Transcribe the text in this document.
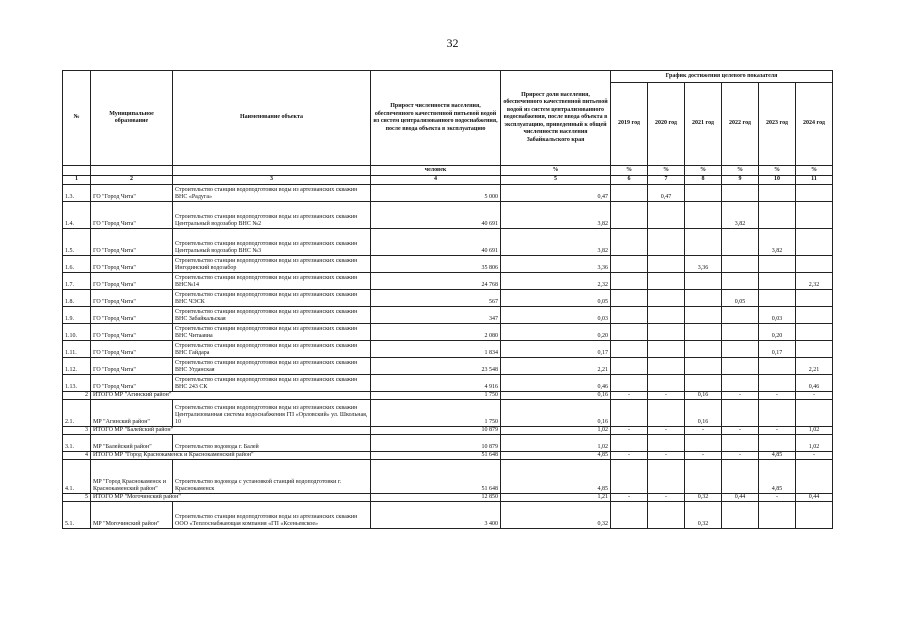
32
№	Муниципальное образование	Наименование объекта	Прирост численности населения, обеспеченного качественной питьевой водой из систем централизованного водоснабжения, после ввода объекта в эксплуатацию	Прирост доли населения, обеспеченного качественной питьевой водой из систем централизованного водоснабжения, после ввода объекта в эксплуатацию, приведенный к общей численности населения Забайкальского края	График достижения целевого показателя					
					2019 год	2020 год	2021 год	2022 год	2023 год	2024 год
			человек	%	%	%	%	%	%	%
1	2	3	4	5	6	7	8	9	10	11
1.3.	ГО "Город Чита"	Строительство станции водоподготовки воды из артезианских скважин ВНС «Радуга»	5 000	0,47		0,47				
1.4.	ГО "Город Чита"	Строительство станции водоподготовки воды из артезианских скважин Центральный водозабор ВНС №2	40 691	3,82				3,82		
1.5.	ГО "Город Чита"	Строительство станции водоподготовки воды из артезианских скважин Центральный водозабор ВНС №3	40 691	3,82					3,82	
1.6.	ГО "Город Чита"	Строительство станции водоподготовки воды из артезианских скважин Ингодинский водозабор	35 806	3,36			3,36			
1.7.	ГО "Город Чита"	Строительство станции водоподготовки воды из артезианских скважин ВНС№14	24 768	2,32						2,32
1.8.	ГО "Город Чита"	Строительство станции водоподготовки воды из артезианских скважин ВНС ЧЭСК	567	0,05				0,05		
1.9.	ГО "Город Чита"	Строительство станции водоподготовки воды из артезианских скважин ВНС Забайкальская	347	0,03					0,03	
1.10.	ГО "Город Чита"	Строительство станции водоподготовки воды из артезианских скважин ВНС Читаавиа	2 080	0,20					0,20	
1.11.	ГО "Город Чита"	Строительство станции водоподготовки воды из артезианских скважин ВНС Гайдара	1 834	0,17					0,17	
1.12.	ГО "Город Чита"	Строительство станции водоподготовки воды из артезианских скважин ВНС Угданская	23 548	2,21						2,21
1.13.	ГО "Город Чита"	Строительство станции водоподготовки воды из артезианских скважин ВНС 243 СК	4 916	0,46						0,46
2	ИТОГО МР "Агинский район"		1 750	0,16	-	-	0,16	-	-	-
2.1.	МР "Агинский район"	Строительство станции водоподготовки воды из артезианских скважин Централизованная система водоснабжения ГП «Орловский» ул. Школьная, 10	1 750	0,16			0,16			
3	ИТОГО МР "Балейский район"		10 879	1,02	-	-	-	-	-	1,02
3.1.	МР "Балейский район"	Строительство водовода г. Балей	10 879	1,02						1,02
4	ИТОГО МР "Город Краснокаменск и Краснокаменский район"		51 648	4,85	-	-	-	-	4,85	-
4.1.	МР "Город Краснокаменск и Краснокаменский район"	Строительство водовода с установкой станций водоподготовки г. Краснокаменск	51 648	4,85					4,85	
5	ИТОГО МР "Могочинский район"		12 850	1,21	-	-	0,32	0,44	-	0,44
5.1.	МР "Могочинский район"	Строительство станции водоподготовки воды из артезианских скважин ООО «Теплоснабжающая компания «ГП «Ксеньевское»	3 400	0,32			0,32			
